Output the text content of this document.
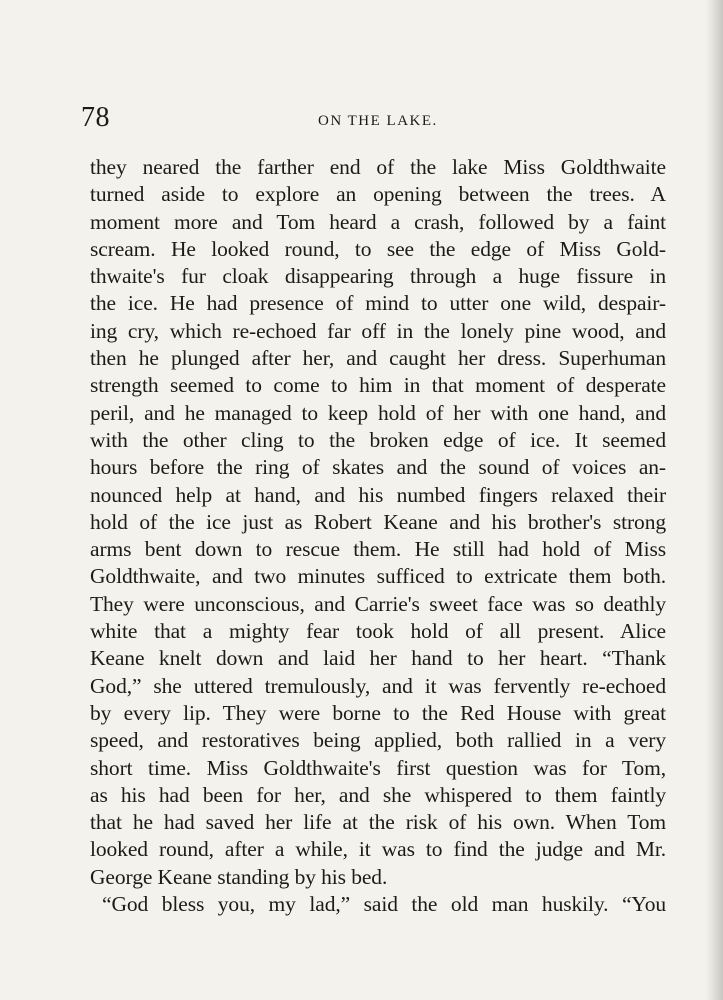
78	ON THE LAKE.
they neared the farther end of the lake Miss Goldthwaite
turned aside to explore an opening between the trees. A
moment more and Tom heard a crash, followed by a faint
scream. He looked round, to see the edge of Miss Gold-
thwaite's fur cloak disappearing through a huge fissure in
the ice. He had presence of mind to utter one wild, despair-
ing cry, which re-echoed far off in the lonely pine wood, and
then he plunged after her, and caught her dress. Superhuman
strength seemed to come to him in that moment of desperate
peril, and he managed to keep hold of her with one hand, and
with the other cling to the broken edge of ice. It seemed
hours before the ring of skates and the sound of voices an-
nounced help at hand, and his numbed fingers relaxed their
hold of the ice just as Robert Keane and his brother's strong
arms bent down to rescue them. He still had hold of Miss
Goldthwaite, and two minutes sufficed to extricate them both.
They were unconscious, and Carrie's sweet face was so deathly
white that a mighty fear took hold of all present. Alice
Keane knelt down and laid her hand to her heart. “Thank
God,” she uttered tremulously, and it was fervently re-echoed
by every lip. They were borne to the Red House with great
speed, and restoratives being applied, both rallied in a very
short time. Miss Goldthwaite's first question was for Tom,
as his had been for her, and she whispered to them faintly
that he had saved her life at the risk of his own. When Tom
looked round, after a while, it was to find the judge and Mr.
George Keane standing by his bed.
“God bless you, my lad,” said the old man huskily. “You
